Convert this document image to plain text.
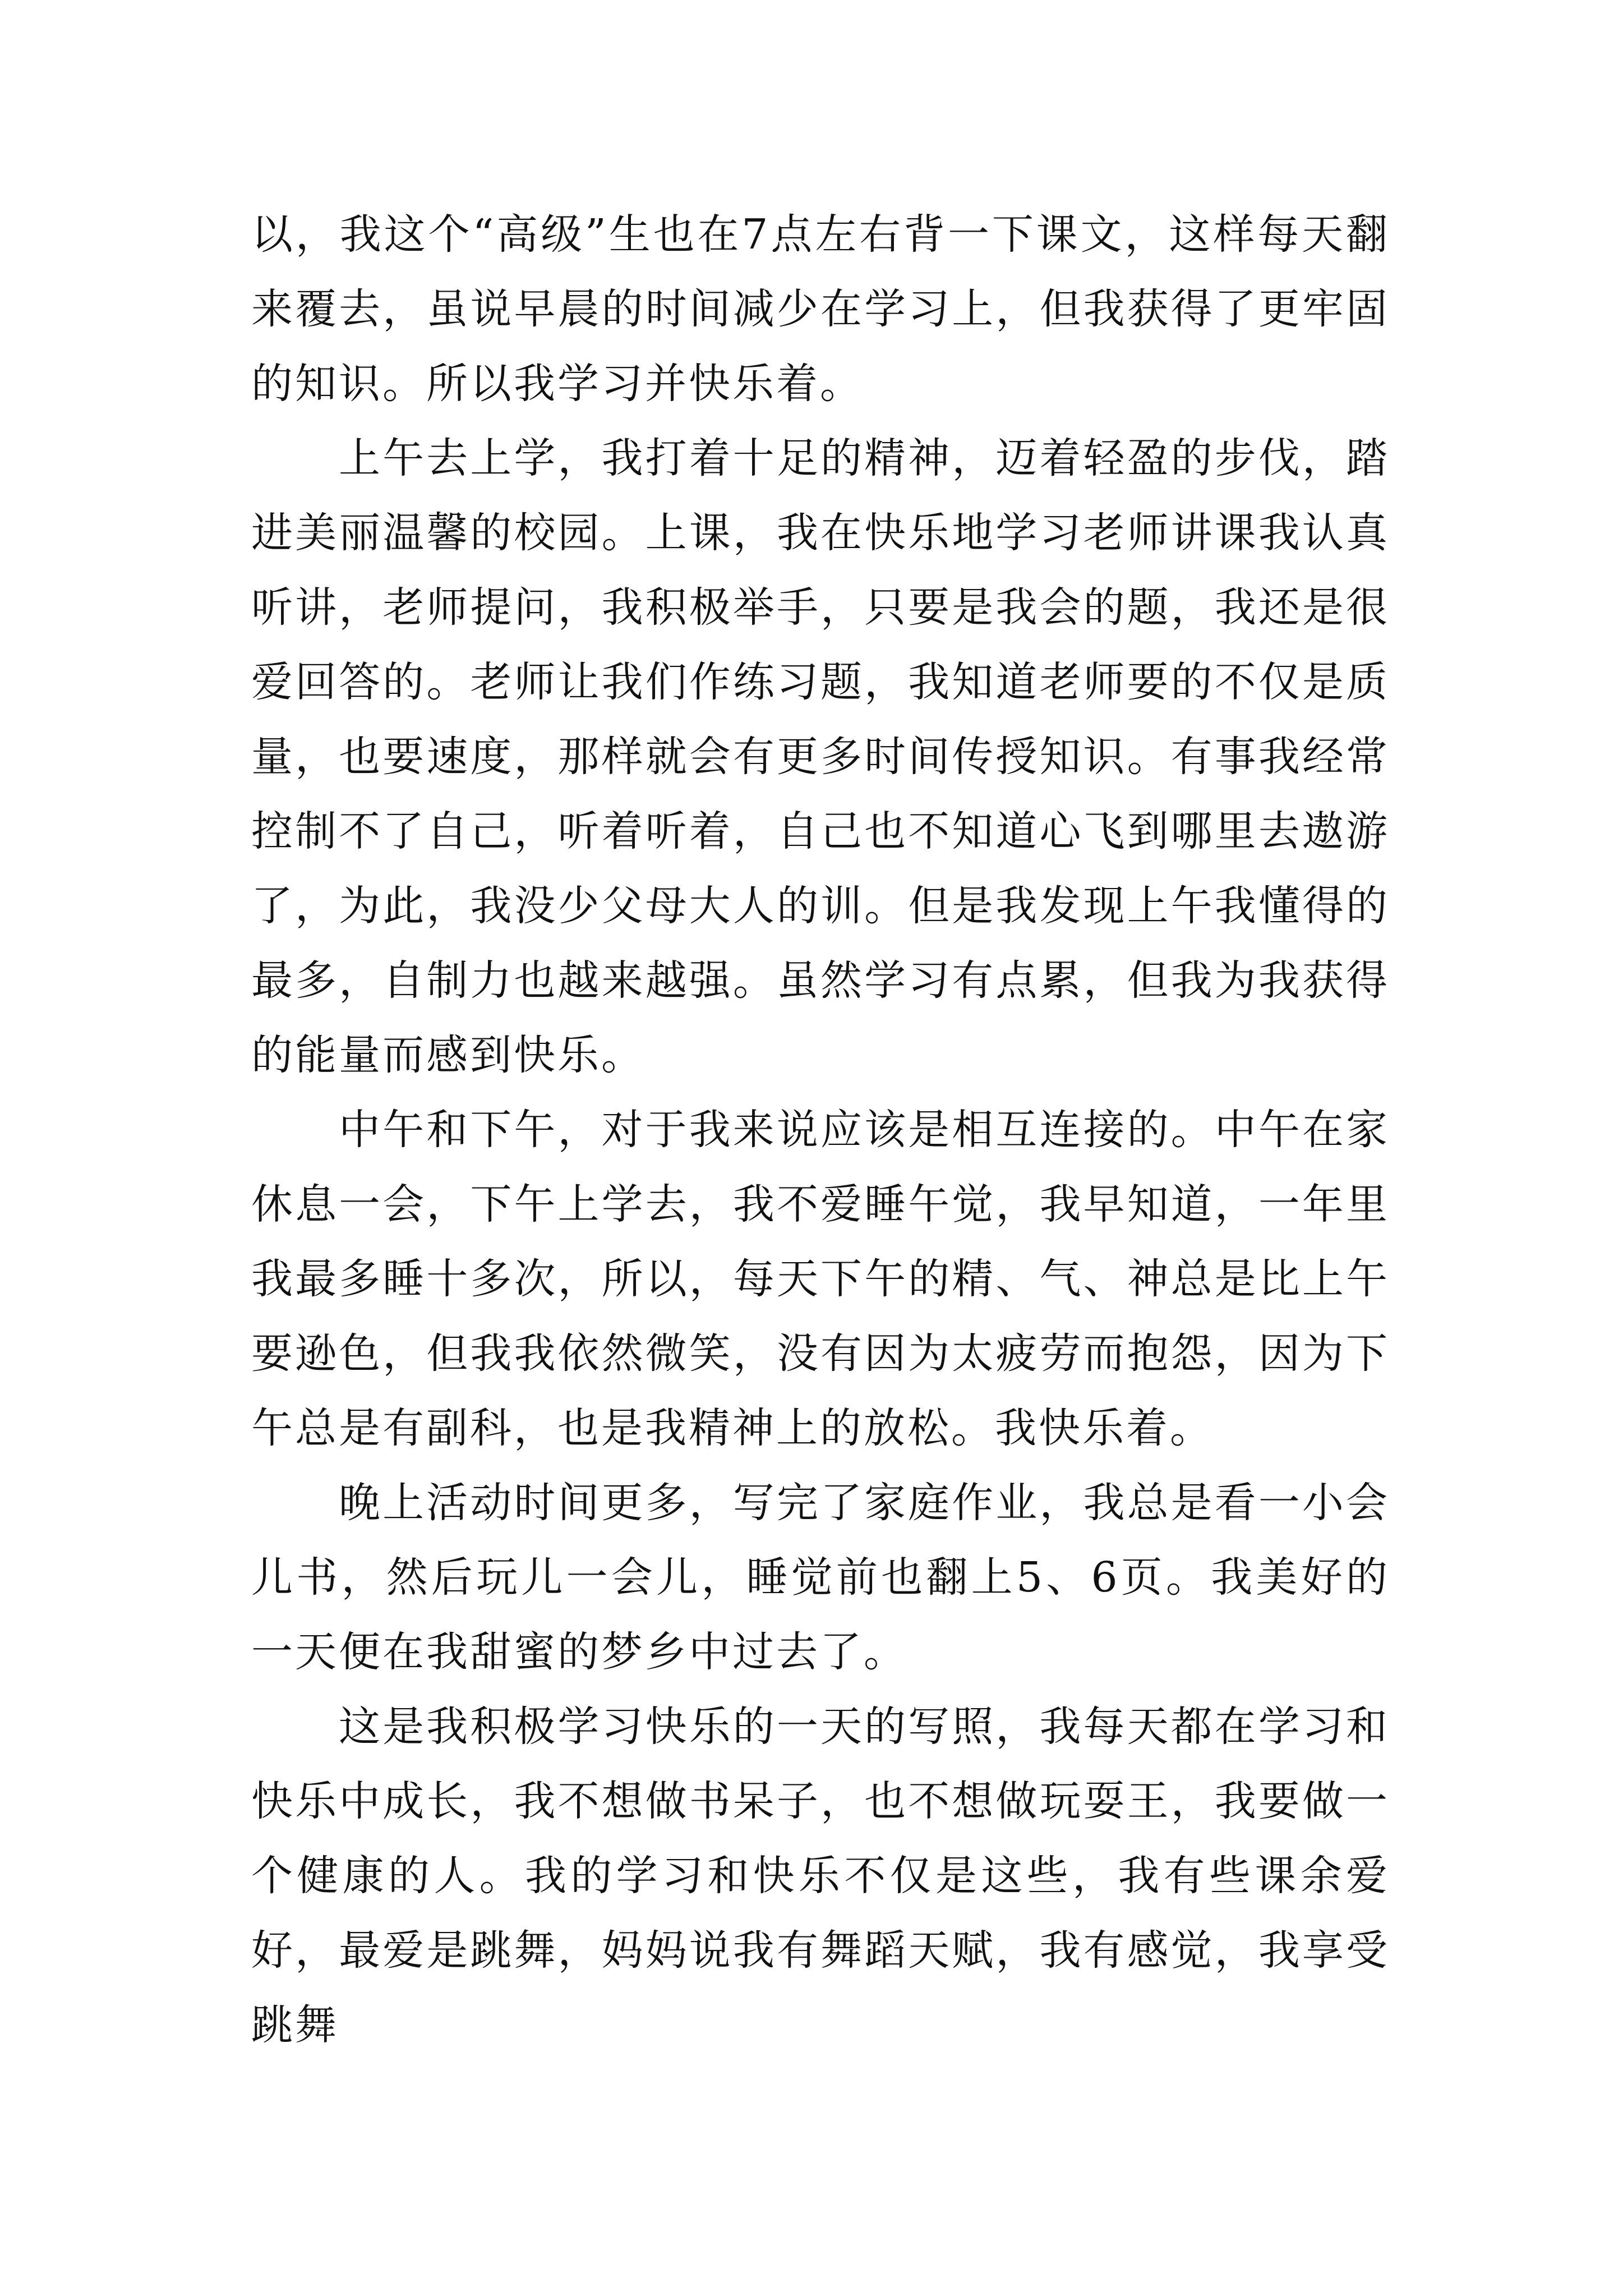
以，我这个“高级”生也在7点左右背一下课文，这样每天翻来覆去，虽说早晨的时间减少在学习上，但我获得了更牢固的知识。所以我学习并快乐着。

上午去上学，我打着十足的精神，迈着轻盈的步伐，踏进美丽温馨的校园。上课，我在快乐地学习老师讲课我认真听讲，老师提问，我积极举手，只要是我会的题，我还是很爱回答的。老师让我们作练习题，我知道老师要的不仅是质量，也要速度，那样就会有更多时间传授知识。有事我经常控制不了自己，听着听着，自己也不知道心飞到哪里去遨游了，为此，我没少父母大人的训。但是我发现上午我懂得的最多，自制力也越来越强。虽然学习有点累，但我为我获得的能量而感到快乐。

中午和下午，对于我来说应该是相互连接的。中午在家休息一会，下午上学去，我不爱睡午觉，我早知道，一年里我最多睡十多次，所以，每天下午的精、气、神总是比上午要逊色，但我我依然微笑，没有因为太疲劳而抱怨，因为下午总是有副科，也是我精神上的放松。我快乐着。

晚上活动时间更多，写完了家庭作业，我总是看一小会儿书，然后玩儿一会儿，睡觉前也翻上5、6页。我美好的一天便在我甜蜜的梦乡中过去了。

这是我积极学习快乐的一天的写照，我每天都在学习和快乐中成长，我不想做书呆子，也不想做玩耍王，我要做一个健康的人。我的学习和快乐不仅是这些，我有些课余爱好，最爱是跳舞，妈妈说我有舞蹈天赋，我有感觉，我享受跳舞
